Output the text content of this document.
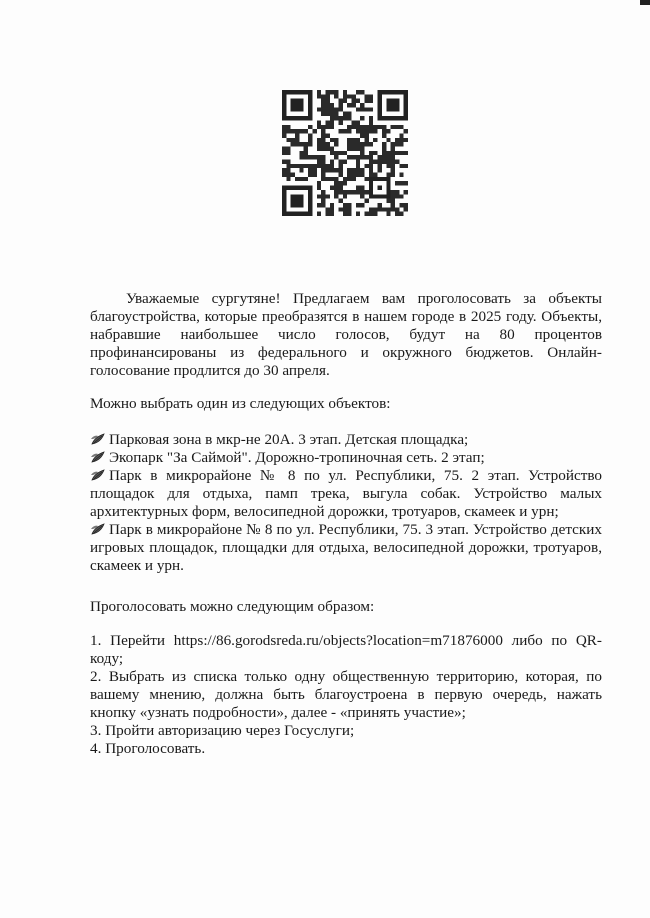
Уважаемые сургутяне! Предлагаем вам проголосовать за объекты благоустройства, которые преобразятся в нашем городе в 2025 году. Объекты, набравшие наибольшее число голосов, будут на 80 процентов профинансированы из федерального и окружного бюджетов. Онлайн-голосование продлится до 30 апреля.

Можно выбрать один из следующих объектов:

Парковая зона в мкр-не 20А. 3 этап. Детская площадка;

Экопарк "За Саймой". Дорожно-тропиночная сеть. 2 этап;

Парк в микрорайоне № 8 по ул. Республики, 75. 2 этап. Устройство площадок для отдыха, памп трека, выгула собак. Устройство малых архитектурных форм, велосипедной дорожки, тротуаров, скамеек и урн;

Парк в микрорайоне № 8 по ул. Республики, 75. 3 этап. Устройство детских игровых площадок, площадки для отдыха, велосипедной дорожки, тротуаров, скамеек и урн.

Проголосовать можно следующим образом:

1. Перейти https://86.gorodsreda.ru/objects?location=m71876000 либо по QR-коду;

2. Выбрать из списка только одну общественную территорию, которая, по вашему мнению, должна быть благоустроена в первую очередь, нажать кнопку «узнать подробности», далее - «принять участие»;

3. Пройти авторизацию через Госуслуги;

4. Проголосовать.
